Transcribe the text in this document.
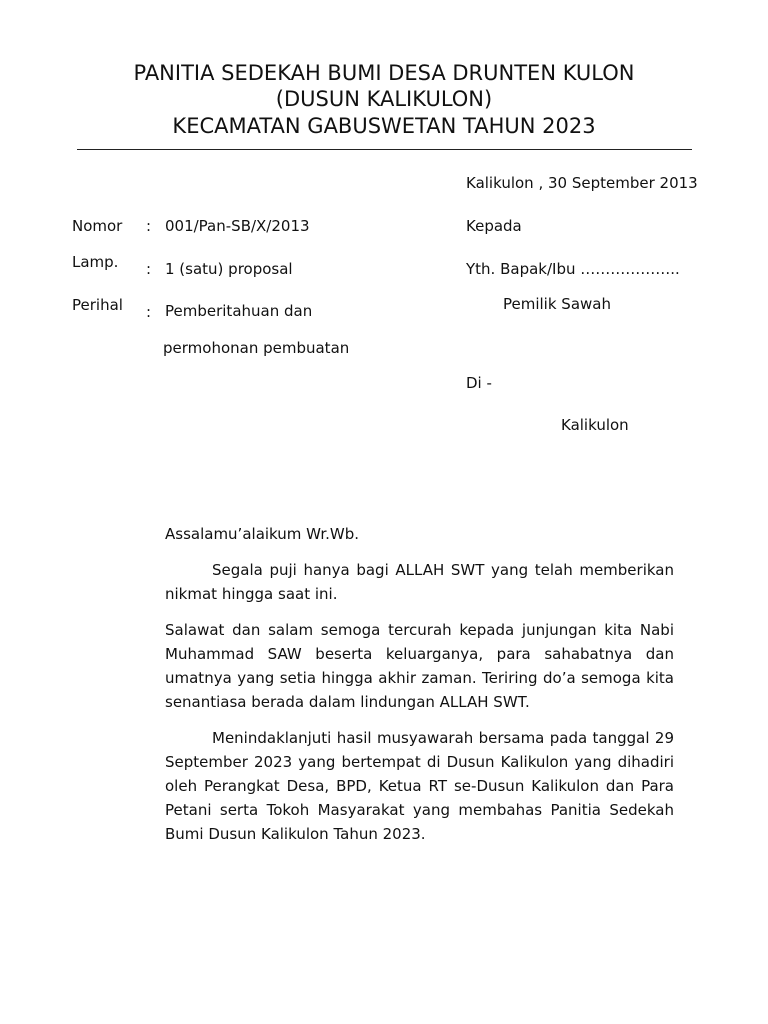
PANITIA SEDEKAH BUMI DESA DRUNTEN KULON
(DUSUN KALIKULON)
KECAMATAN GABUSWETAN TAHUN 2023
Kalikulon , 30 September 2013
Nomor : 001/Pan-SB/X/2013
Lamp. : 1 (satu) proposal
Perihal : Pemberitahuan dan
permohonan pembuatan
Kepada
Yth. Bapak/Ibu ………………..
Pemilik Sawah
Di -
Kalikulon
Assalamu’alaikum Wr.Wb.

Segala puji hanya bagi ALLAH SWT yang telah memberikan nikmat hingga saat ini.

Salawat dan salam semoga tercurah kepada junjungan kita Nabi Muhammad SAW beserta keluarganya, para sahabatnya dan umatnya yang setia hingga akhir zaman. Teriring do’a semoga kita senantiasa berada dalam lindungan ALLAH SWT.

Menindaklanjuti hasil musyawarah bersama pada tanggal 29 September 2023 yang bertempat di Dusun Kalikulon yang dihadiri oleh Perangkat Desa, BPD, Ketua RT se-Dusun Kalikulon dan Para Petani serta Tokoh Masyarakat yang membahas Panitia Sedekah Bumi Dusun Kalikulon Tahun 2023.
